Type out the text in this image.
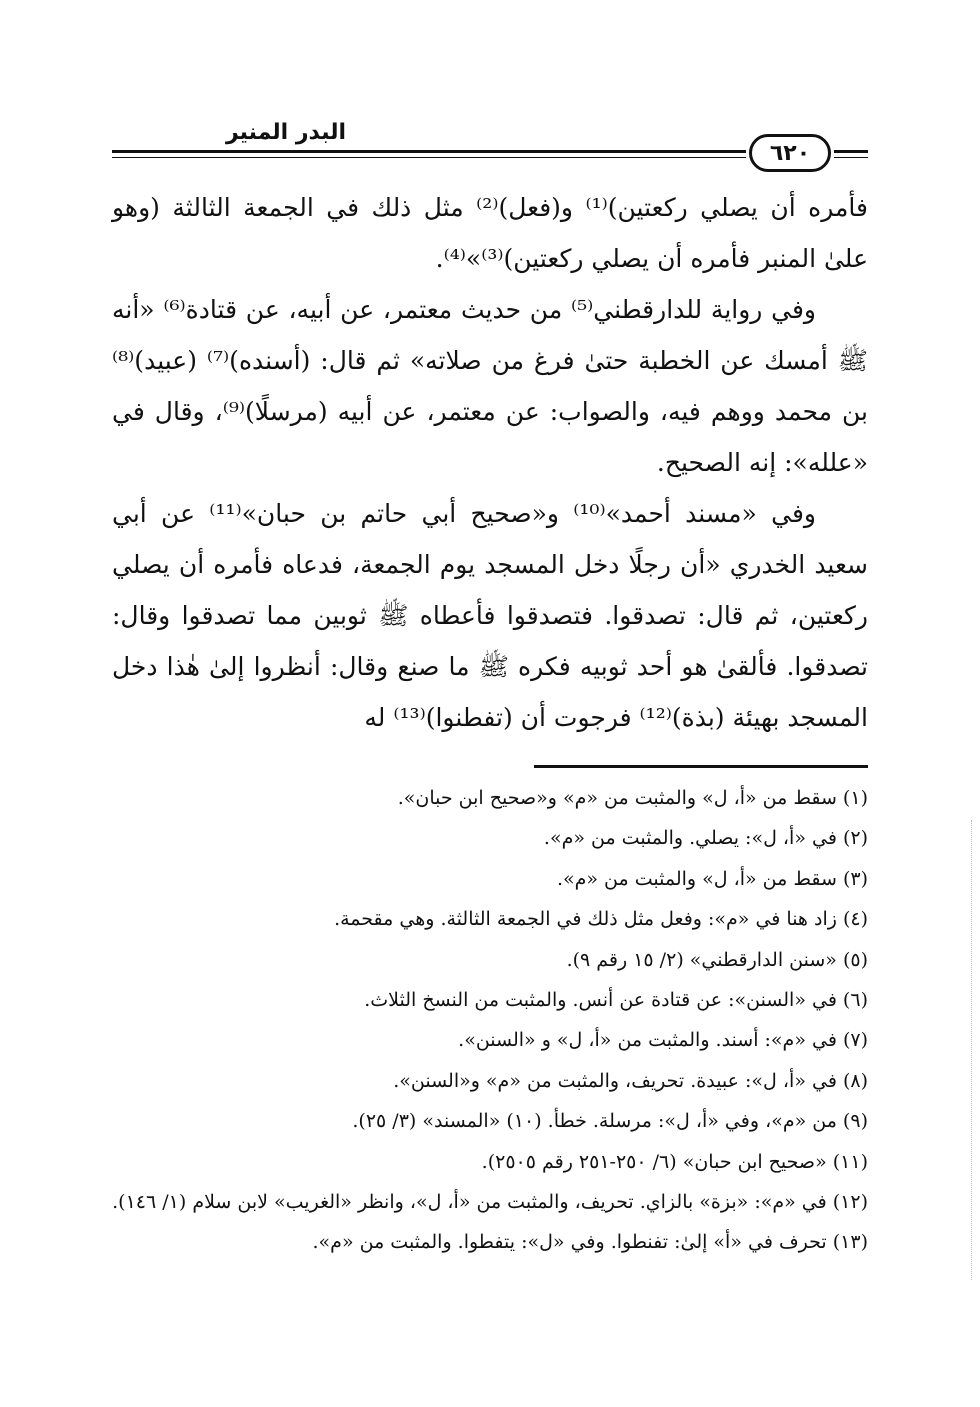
البدر المنير
٦٢٠

فأمره أن يصلي ركعتين)⁽¹⁾ و(فعل)⁽²⁾ مثل ذلك في الجمعة الثالثة (وهو علىٰ المنبر فأمره أن يصلي ركعتين)⁽³⁾»⁽⁴⁾.

وفي رواية للدارقطني⁽⁵⁾ من حديث معتمر، عن أبيه، عن قتادة⁽⁶⁾ «أنه ﷺ أمسك عن الخطبة حتىٰ فرغ من صلاته» ثم قال: (أسنده)⁽⁷⁾ (عبيد)⁽⁸⁾ بن محمد ووهم فيه، والصواب: عن معتمر، عن أبيه (مرسلًا)⁽⁹⁾، وقال في «علله»: إنه الصحيح.

وفي «مسند أحمد»⁽¹⁰⁾ و«صحيح أبي حاتم بن حبان»⁽¹¹⁾ عن أبي سعيد الخدري «أن رجلًا دخل المسجد يوم الجمعة، فدعاه فأمره أن يصلي ركعتين، ثم قال: تصدقوا. فتصدقوا فأعطاه ﷺ ثوبين مما تصدقوا وقال: تصدقوا. فألقىٰ هو أحد ثوبيه فكره ﷺ ما صنع وقال: أنظروا إلىٰ هٰذا دخل المسجد بهيئة (بذة)⁽¹²⁾ فرجوت أن (تفطنوا)⁽¹³⁾ له

(١) سقط من «أ، ل» والمثبت من «م» و«صحيح ابن حبان».

(٢) في «أ، ل»: يصلي. والمثبت من «م».

(٣) سقط من «أ، ل» والمثبت من «م».

(٤) زاد هنا في «م»: وفعل مثل ذلك في الجمعة الثالثة. وهي مقحمة.

(٥) «سنن الدارقطني» (٢/ ١٥ رقم ٩).

(٦) في «السنن»: عن قتادة عن أنس. والمثبت من النسخ الثلاث.

(٧) في «م»: أسند. والمثبت من «أ، ل» و «السنن».

(٨) في «أ، ل»: عبيدة. تحريف، والمثبت من «م» و«السنن».

(٩) من «م»، وفي «أ، ل»: مرسلة. خطأ. (١٠) «المسند» (٣/ ٢٥).

(١١) «صحيح ابن حبان» (٦/ ٢٥٠-٢٥١ رقم ٢٥٠٥).

(١٢) في «م»: «بزة» بالزاي. تحريف، والمثبت من «أ، ل»، وانظر «الغريب» لابن سلام (١/ ١٤٦).

(١٣) تحرف في «أ» إلىٰ: تفنطوا. وفي «ل»: يتفطوا. والمثبت من «م».
